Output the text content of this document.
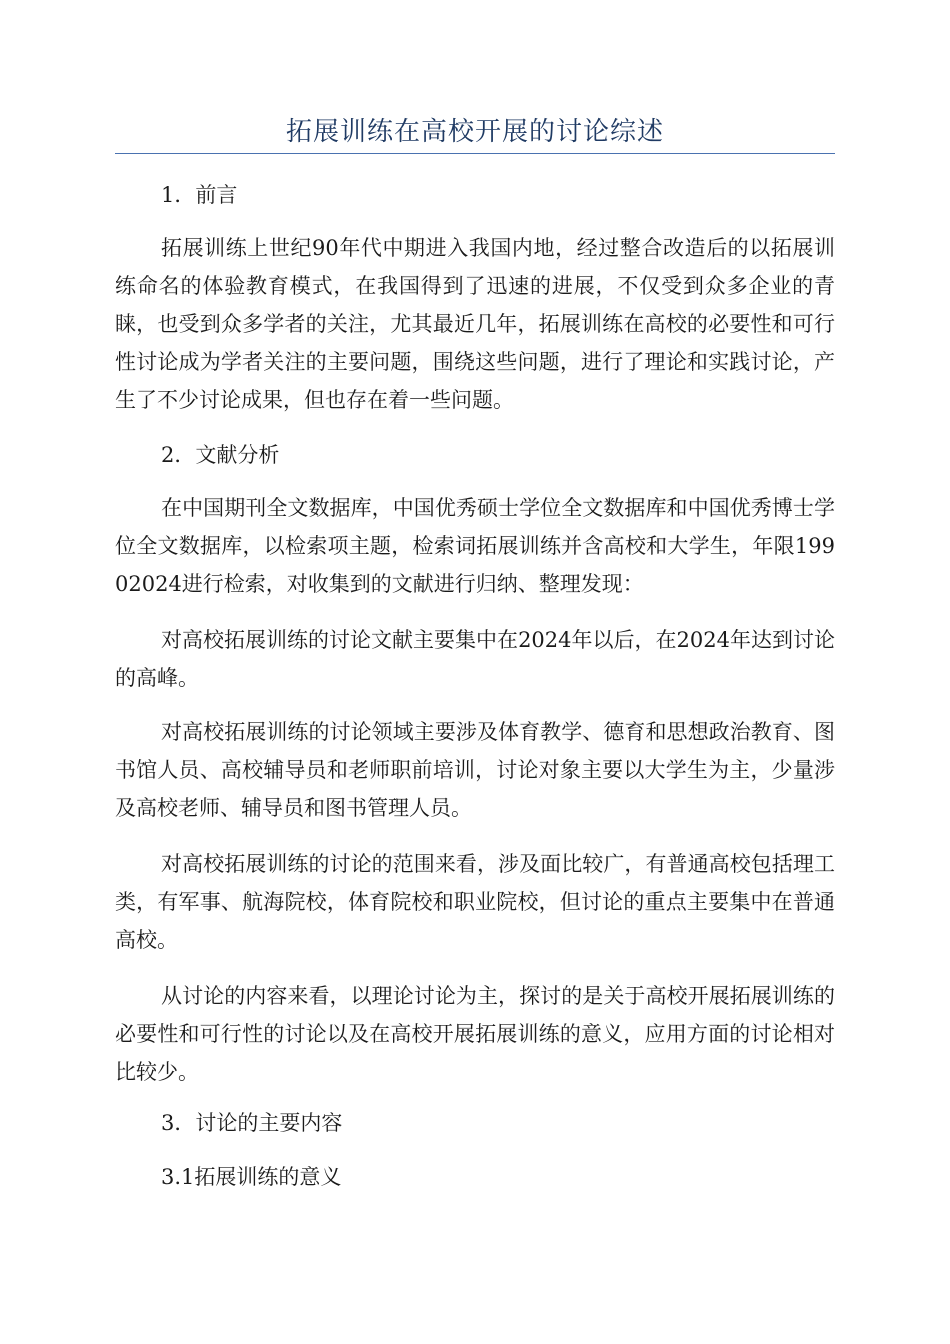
拓展训练在高校开展的讨论综述

1．前言

拓展训练上世纪90年代中期进入我国内地，经过整合改造后的以拓展训练命名的体验教育模式，在我国得到了迅速的进展，不仅受到众多企业的青睐，也受到众多学者的关注，尤其最近几年，拓展训练在高校的必要性和可行性讨论成为学者关注的主要问题，围绕这些问题，进行了理论和实践讨论，产生了不少讨论成果，但也存在着一些问题。

2．文献分析

在中国期刊全文数据库，中国优秀硕士学位全文数据库和中国优秀博士学位全文数据库，以检索项主题，检索词拓展训练并含高校和大学生，年限19902024进行检索，对收集到的文献进行归纳、整理发现：

对高校拓展训练的讨论文献主要集中在2024年以后，在2024年达到讨论的高峰。

对高校拓展训练的讨论领域主要涉及体育教学、德育和思想政治教育、图书馆人员、高校辅导员和老师职前培训，讨论对象主要以大学生为主，少量涉及高校老师、辅导员和图书管理人员。

对高校拓展训练的讨论的范围来看，涉及面比较广，有普通高校包括理工类，有军事、航海院校，体育院校和职业院校，但讨论的重点主要集中在普通高校。

从讨论的内容来看，以理论讨论为主，探讨的是关于高校开展拓展训练的必要性和可行性的讨论以及在高校开展拓展训练的意义，应用方面的讨论相对比较少。

3．讨论的主要内容

3.1拓展训练的意义
